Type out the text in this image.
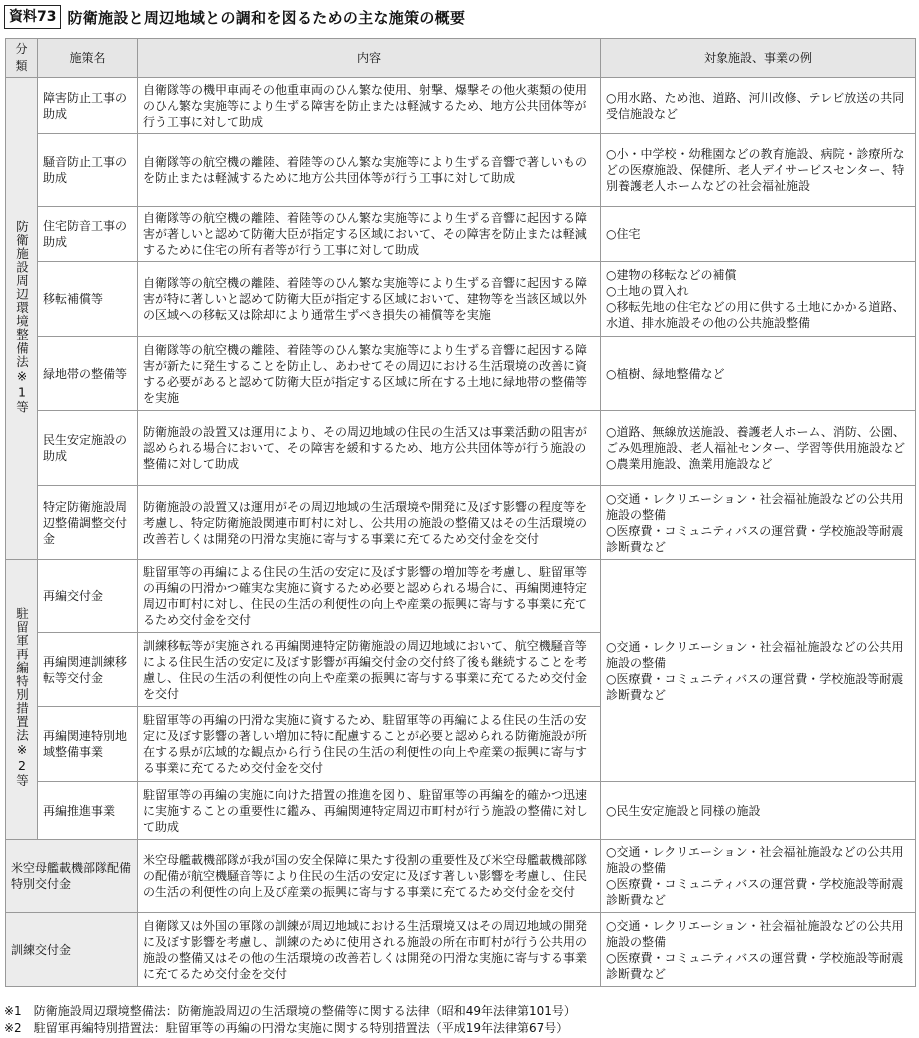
資料73 防衛施設と周辺地域との調和を図るための主な施策の概要
分類	施策名	内容	対象施設、事業の例
防衛施設周辺環境整備法※1等	障害防止工事の助成	自衛隊等の機甲車両その他重車両のひん繁な使用、射撃、爆撃その他火薬類の使用のひん繁な実施等により生ずる障害を防止または軽減するため、地方公共団体等が行う工事に対して助成	○用水路、ため池、道路、河川改修、テレビ放送の共同受信施設など

	騒音防止工事の助成	自衛隊等の航空機の離陸、着陸等のひん繁な実施等により生ずる音響で著しいものを防止または軽減するために地方公共団体等が行う工事に対して助成	○小・中学校・幼稚園などの教育施設、病院・診療所などの医療施設、保健所、老人デイサービスセンター、特別養護老人ホームなどの社会福祉施設

	住宅防音工事の助成	自衛隊等の航空機の離陸、着陸等のひん繁な実施等により生ずる音響に起因する障害が著しいと認めて防衛大臣が指定する区域において、その障害を防止または軽減するために住宅の所有者等が行う工事に対して助成	○住宅

	移転補償等	自衛隊等の航空機の離陸、着陸等のひん繁な実施等により生ずる音響に起因する障害が特に著しいと認めて防衛大臣が指定する区域において、建物等を当該区域以外の区域への移転又は除却により通常生ずべき損失の補償等を実施	○建物の移転などの補償
○土地の買入れ
○移転先地の住宅などの用に供する土地にかかる道路、水道、排水施設その他の公共施設整備

	緑地帯の整備等	自衛隊等の航空機の離陸、着陸等のひん繁な実施等により生ずる音響に起因する障害が新たに発生することを防止し、あわせてその周辺における生活環境の改善に資する必要があると認めて防衛大臣が指定する区域に所在する土地に緑地帯の整備等を実施	○植樹、緑地整備など

	民生安定施設の助成	防衛施設の設置又は運用により、その周辺地域の住民の生活又は事業活動の阻害が認められる場合において、その障害を緩和するため、地方公共団体等が行う施設の整備に対して助成	○道路、無線放送施設、養護老人ホーム、消防、公園、ごみ処理施設、老人福祉センター、学習等供用施設など
○農業用施設、漁業用施設など

	特定防衛施設周辺整備調整交付金	防衛施設の設置又は運用がその周辺地域の生活環境や開発に及ぼす影響の程度等を考慮し、特定防衛施設関連市町村に対し、公共用の施設の整備又はその生活環境の改善若しくは開発の円滑な実施に寄与する事業に充てるため交付金を交付	○交通・レクリエーション・社会福祉施設などの公共用施設の整備
○医療費・コミュニティバスの運営費・学校施設等耐震診断費など

駐留軍再編特別措置法※2等	再編交付金	駐留軍等の再編による住民の生活の安定に及ぼす影響の増加等を考慮し、駐留軍等の再編の円滑かつ確実な実施に資するため必要と認められる場合に、再編関連特定周辺市町村に対し、住民の生活の利便性の向上や産業の振興に寄与する事業に充てるため交付金を交付	○交通・レクリエーション・社会福祉施設などの公共用施設の整備
○医療費・コミュニティバスの運営費・学校施設等耐震診断費など

	再編関連訓練移転等交付金	訓練移転等が実施される再編関連特定防衛施設の周辺地域において、航空機騒音等による住民生活の安定に及ぼす影響が再編交付金の交付終了後も継続することを考慮し、住民の生活の利便性の向上や産業の振興に寄与する事業に充てるため交付金を交付	
	再編関連特別地域整備事業	駐留軍等の再編の円滑な実施に資するため、駐留軍等の再編による住民の生活の安定に及ぼす影響の著しい増加に特に配慮することが必要と認められる防衛施設が所在する県が広域的な観点から行う住民の生活の利便性の向上や産業の振興に寄与する事業に充てるため交付金を交付	
	再編推進事業	駐留軍等の再編の実施に向けた措置の推進を図り、駐留軍等の再編を的確かつ迅速に実施することの重要性に鑑み、再編関連特定周辺市町村が行う施設の整備に対して助成	○民生安定施設と同様の施設

米空母艦載機部隊配備特別交付金		米空母艦載機部隊が我が国の安全保障に果たす役割の重要性及び米空母艦載機部隊の配備が航空機騒音等により住民の生活の安定に及ぼす著しい影響を考慮し、住民の生活の利便性の向上及び産業の振興に寄与する事業に充てるため交付金を交付	○交通・レクリエーション・社会福祉施設などの公共用施設の整備
○医療費・コミュニティバスの運営費・学校施設等耐震診断費など

訓練交付金		自衛隊又は外国の軍隊の訓練が周辺地域における生活環境又はその周辺地域の開発に及ぼす影響を考慮し、訓練のために使用される施設の所在市町村が行う公共用の施設の整備又はその他の生活環境の改善若しくは開発の円滑な実施に寄与する事業に充てるため交付金を交付	○交通・レクリエーション・社会福祉施設などの公共用施設の整備
○医療費・コミュニティバスの運営費・学校施設等耐震診断費など
※1　防衛施設周辺環境整備法：防衛施設周辺の生活環境の整備等に関する法律（昭和49年法律第101号）
※2　駐留軍再編特別措置法：駐留軍等の再編の円滑な実施に関する特別措置法（平成19年法律第67号）
